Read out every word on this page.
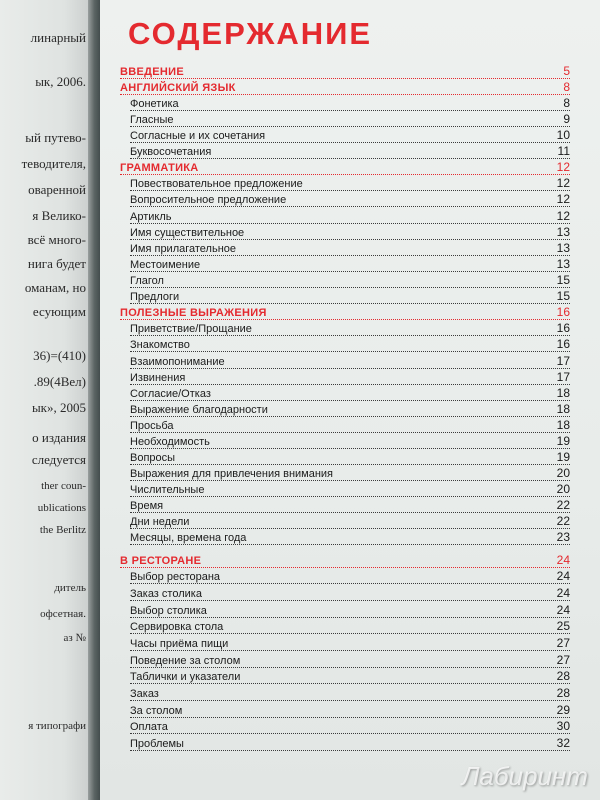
линарный
ык, 2006.
ый путево-
теводителя,
оваренной
я Велико-
всё много-
нига будет
оманам, но
есующим
36)=(410)
.89(4Вел)
ык», 2005
о издания
следуется
ther coun-
ublications
the Berlitz
дитель
офсетная.
аз №
я типографи
СОДЕРЖАНИЕ
ВВЕДЕНИЕ	5
АНГЛИЙСКИЙ ЯЗЫК	8
Фонетика	8
Гласные	9
Согласные и их сочетания	10
Буквосочетания	11
ГРАММАТИКА	12
Повествовательное предложение	12
Вопросительное предложение	12
Артикль	12
Имя существительное	13
Имя прилагательное	13
Местоимение	13
Глагол	15
Предлоги	15
ПОЛЕЗНЫЕ ВЫРАЖЕНИЯ	16
Приветствие/Прощание	16
Знакомство	16
Взаимопонимание	17
Извинения	17
Согласие/Отказ	18
Выражение благодарности	18
Просьба	18
Необходимость	19
Вопросы	19
Выражения для привлечения внимания	20
Числительные	20
Время	22
Дни недели	22
Месяцы, времена года	23
В РЕСТОРАНЕ	24
Выбор ресторана	24
Заказ столика	24
Выбор столика	24
Сервировка стола	25
Часы приёма пищи	27
Поведение за столом	27
Таблички и указатели	28
Заказ	28
За столом	29
Оплата	30
Проблемы	32
Лабиринт
